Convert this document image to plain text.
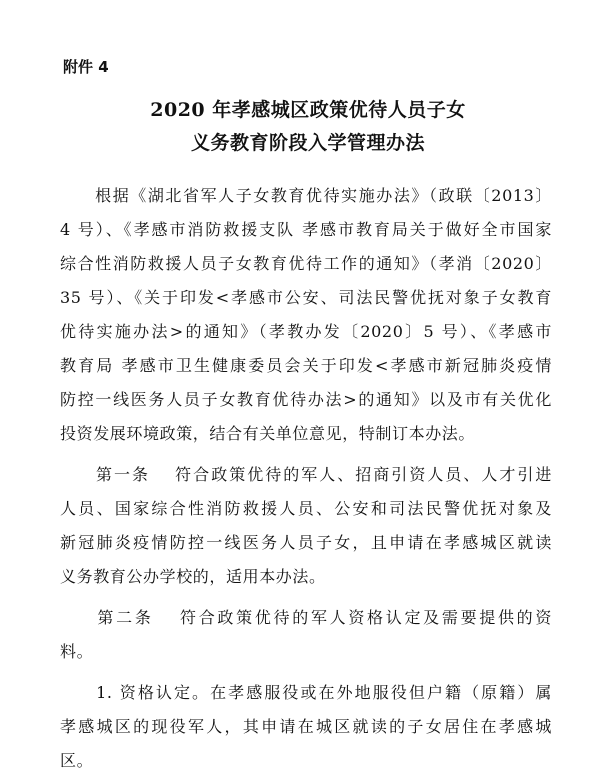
附件 4
2020 年孝感城区政策优待人员子女
义务教育阶段入学管理办法
　　根据《湖北省军人子女教育优待实施办法》（政联〔2013〕
4 号）、《孝感市消防救援支队 孝感市教育局关于做好全市国家
综合性消防救援人员子女教育优待工作的通知》（孝消〔2020〕
35 号）、《关于印发<孝感市公安、司法民警优抚对象子女教育
优待实施办法>的通知》（孝教办发〔2020〕5 号）、《孝感市
教育局 孝感市卫生健康委员会关于印发<孝感市新冠肺炎疫情
防控一线医务人员子女教育优待办法>的通知》以及市有关优化
投资发展环境政策，结合有关单位意见，特制订本办法。
　　第一条　 符合政策优待的军人、招商引资人员、人才引进
人员、国家综合性消防救援人员、公安和司法民警优抚对象及
新冠肺炎疫情防控一线医务人员子女，且申请在孝感城区就读
义务教育公办学校的，适用本办法。
　　第二条　 符合政策优待的军人资格认定及需要提供的资
料。
　　1. 资格认定。在孝感服役或在外地服役但户籍（原籍）属
孝感城区的现役军人，其申请在城区就读的子女居住在孝感城
区。
